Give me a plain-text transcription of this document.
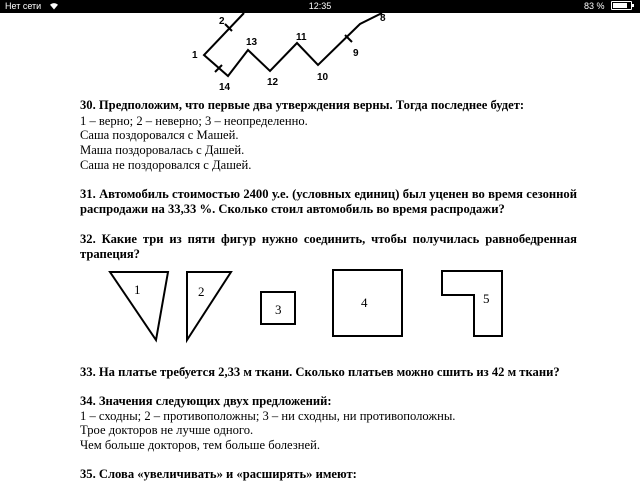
Нет сети	12:35	83 %
2	8
13	11
1	9
14	12	10
1	2
3	4	5
30. Предположим, что первые два утверждения верны. Тогда последнее будет:
1 – верно; 2 – неверно; 3 – неопределенно.
Саша поздоровался с Машей.
Маша поздоровалась с Дашей.
Саша не поздоровался с Дашей.
31. Автомобиль стоимостью 2400 у.е. (условных единиц) был уценен во время сезонной
распродажи на 33,33 %. Сколько стоил автомобиль во время распродажи?
32. Какие три из пяти фигур нужно соединить, чтобы получилась равнобедренная
трапеция?
33. На платье требуется 2,33 м ткани. Сколько платьев можно сшить из 42 м ткани?
34. Значения следующих двух предложений:
1 – сходны; 2 – противоположны; 3 – ни сходны, ни противоположны.
Трое докторов не лучше одного.
Чем больше докторов, тем больше болезней.
35. Слова «увеличивать» и «расширять» имеют:
